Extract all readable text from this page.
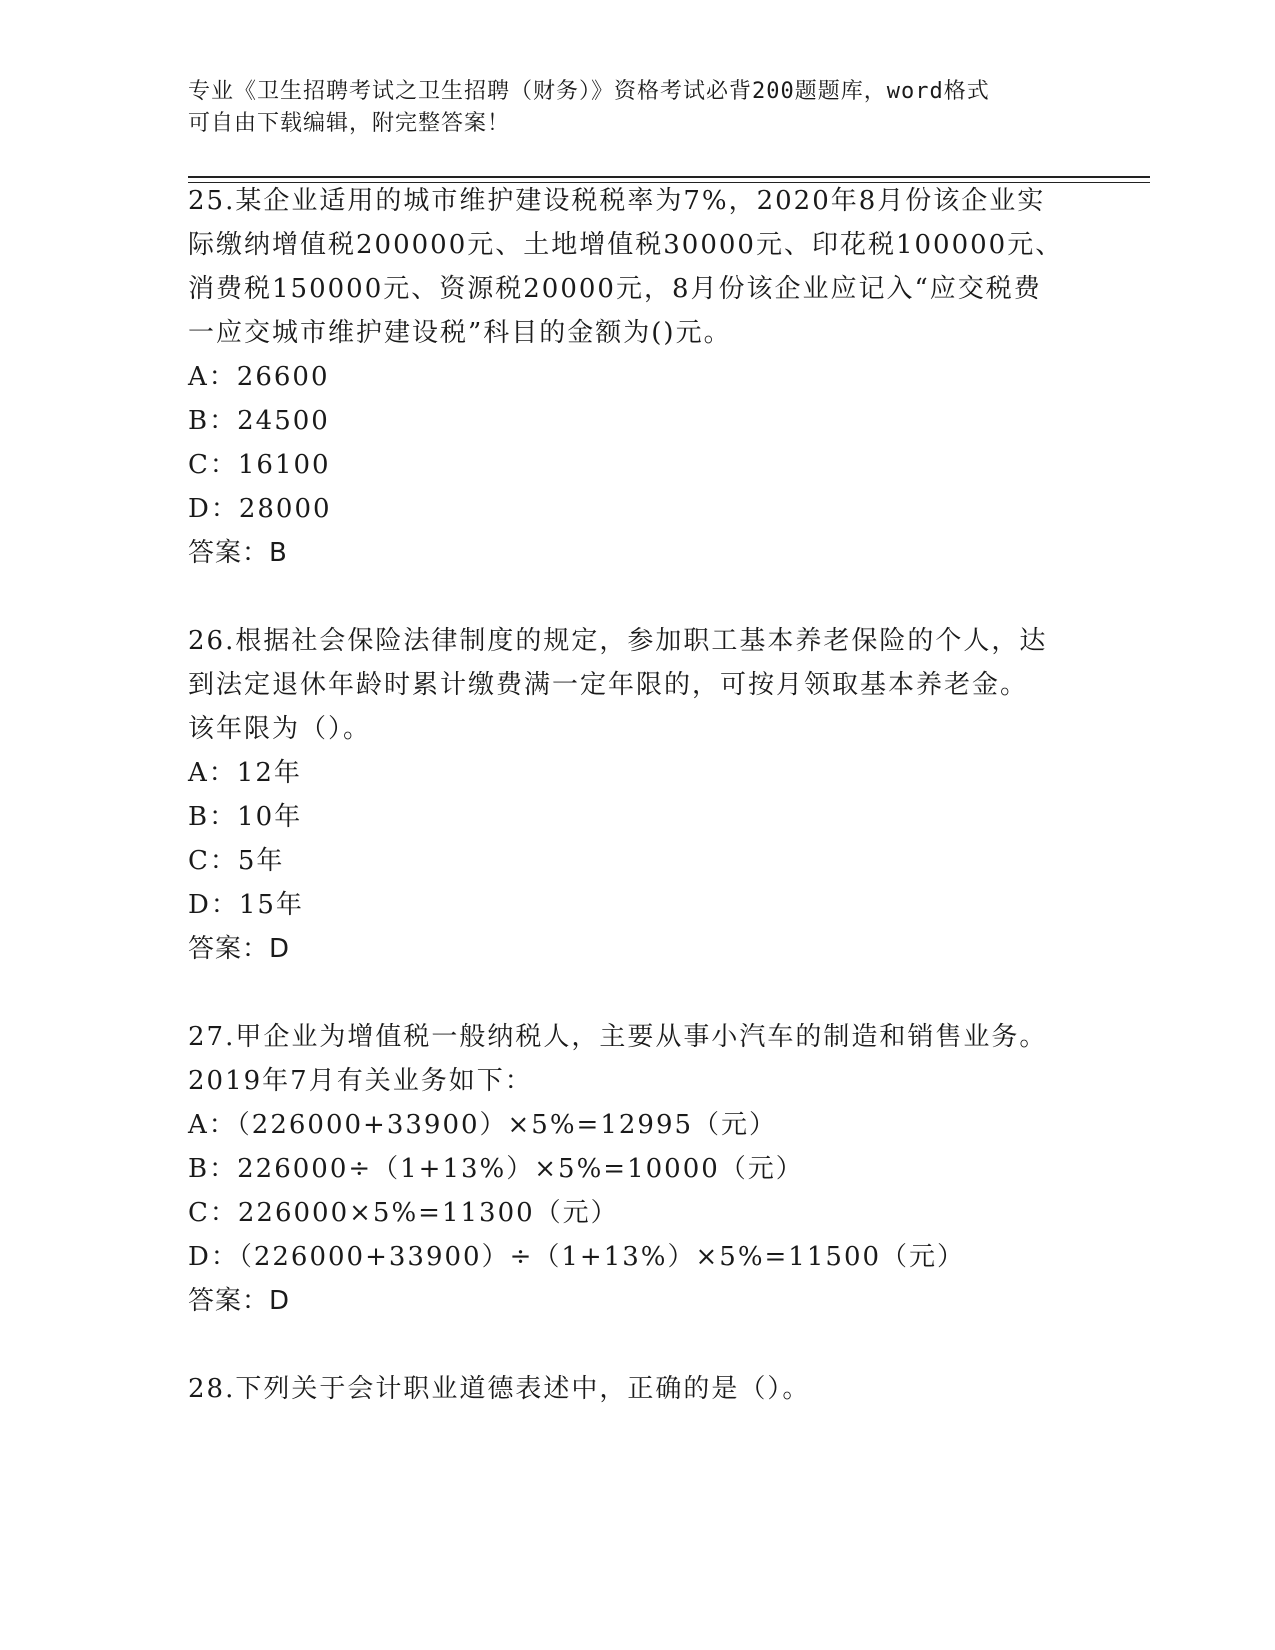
专业《卫生招聘考试之卫生招聘（财务）》资格考试必背200题题库，word格式
可自由下载编辑，附完整答案！
25.某企业适用的城市维护建设税税率为7%，2020年8月份该企业实
际缴纳增值税200000元、土地增值税30000元、印花税100000元、
消费税150000元、资源税20000元，8月份该企业应记入“应交税费
一应交城市维护建设税”科目的金额为()元。
A：26600
B：24500
C：16100
D：28000
答案：B
26.根据社会保险法律制度的规定，参加职工基本养老保险的个人，达
到法定退休年龄时累计缴费满一定年限的，可按月领取基本养老金。
该年限为（）。
A：12年
B：10年
C：5年
D：15年
答案：D
27.甲企业为增值税一般纳税人，主要从事小汽车的制造和销售业务。
2019年7月有关业务如下：
A：（226000+33900）×5%=12995（元）
B：226000÷（1+13%）×5%=10000（元）
C：226000×5%=11300（元）
D：（226000+33900）÷（1+13%）×5%=11500（元）
答案：D
28.下列关于会计职业道德表述中，正确的是（）。
